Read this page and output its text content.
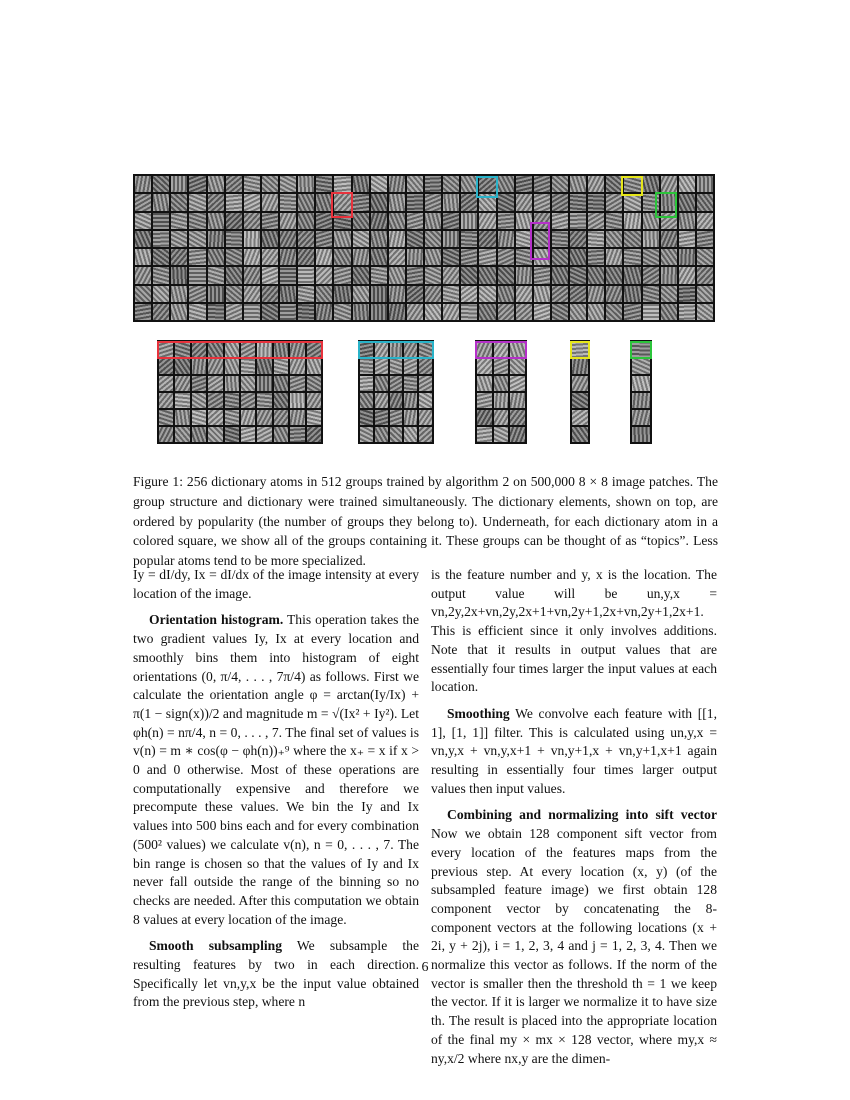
Figure 1: 256 dictionary atoms in 512 groups trained by algorithm 2 on 500,000 8 × 8 image patches. The group structure and dictionary were trained simultaneously. The dictionary elements, shown on top, are ordered by popularity (the number of groups they belong to). Underneath, for each dictionary atom in a colored square, we show all of the groups containing it. These groups can be thought of as “topics”. Less popular atoms tend to be more specialized.

Iy = dI/dy, Ix = dI/dx of the image intensity at every location of the image.

Orientation histogram. This operation takes the two gradient values Iy, Ix at every location and smoothly bins them into histogram of eight orientations (0, π/4, . . . , 7π/4) as follows. First we calculate the orientation angle φ = arctan(Iy/Ix) + π(1 − sign(x))/2 and magnitude m = √(Ix² + Iy²). Let φh(n) = nπ/4, n = 0, . . . , 7. The final set of values is v(n) = m ∗ cos(φ − φh(n))₊⁹ where the x₊ = x if x > 0 and 0 otherwise. Most of these operations are computationally expensive and therefore we precompute these values. We bin the Iy and Ix values into 500 bins each and for every combination (500² values) we calculate v(n), n = 0, . . . , 7. The bin range is chosen so that the values of Iy and Ix never fall outside the range of the binning so no checks are needed. After this computation we obtain 8 values at every location of the image.

Smooth subsampling We subsample the resulting features by two in each direction. Specifically let vn,y,x be the input value obtained from the previous step, where n

is the feature number and y, x is the location. The output value will be un,y,x = vn,2y,2x+vn,2y,2x+1+vn,2y+1,2x+vn,2y+1,2x+1. This is efficient since it only involves additions. Note that it results in output values that are essentially four times larger the input values at each location.

Smoothing We convolve each feature with [[1, 1], [1, 1]] filter. This is calculated using un,y,x = vn,y,x + vn,y,x+1 + vn,y+1,x + vn,y+1,x+1 again resulting in essentially four times larger output values then input values.

Combining and normalizing into sift vector Now we obtain 128 component sift vector from every location of the features maps from the previous step. At every location (x, y) (of the subsampled feature image) we first obtain 128 component vector by concatenating the 8-component vectors at the following locations (x + 2i, y + 2j), i = 1, 2, 3, 4 and j = 1, 2, 3, 4. Then we normalize this vector as follows. If the norm of the vector is smaller then the threshold th = 1 we keep the vector. If it is larger we normalize it to have size th. The result is placed into the appropriate location of the final my × mx × 128 vector, where my,x ≈ ny,x/2 where nx,y are the dimen-

6
